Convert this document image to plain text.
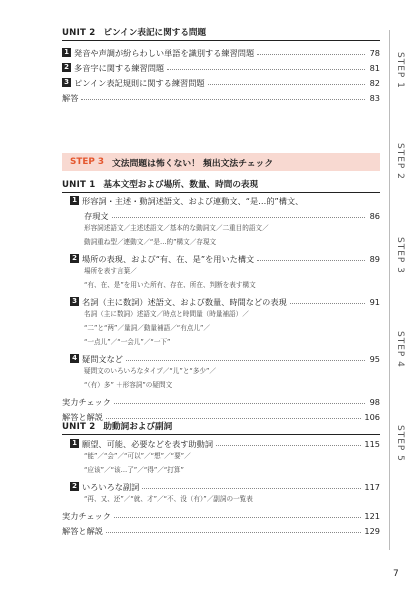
UNIT 2 ピンイン表記に関する問題
1 発音や声調が紛らわしい単語を識別する練習問題	78
2 多音字に関する練習問題	81
3 ピンイン表記規則に関する練習問題	82
解答	83
STEP 3 文法問題は怖くない！ 頻出文法チェック
UNIT 1 基本文型および場所、数量、時間の表現
1 形容詞・主述・動詞述語文、および連動文、“是…的”構文、
存現文	86
形容詞述語文／主述述語文／基本的な動詞文／二重目的語文／
動詞重ね型／連動文／“是…的”構文／存現文
2 場所の表現、および“有、在、是”を用いた構文	89
場所を表す言葉／
“有、在、是”を用いた所有、存在、所在、判断を表す構文
3 名詞（主に数詞）述語文、および数量、時間などの表現	91
名詞（主に数詞）述語文／時点と時間量（時量補語）／
“二”と“两”／量詞／動量補語／“有点儿”／
“一点儿”／“一会儿”／“一下”
4 疑問文など	95
疑問文のいろいろなタイプ／“儿”と“多少”／
“（有）多” ＋形容詞”の疑問文
実力チェック	98
解答と解説	106
UNIT 2 助動詞および副詞
1 願望、可能、必要などを表す助動詞	115
“能”／“会”／“可以”／“想”／“要”／
“应该”／“该…了”／“得”／“打算”
2 いろいろな副詞	117
“再、又、还”／“就、才”／“不、没（有）”／副詞の一覧表
実力チェック	121
解答と解説	129
STEP 1
STEP 2
STEP 3
STEP 4
STEP 5
7
